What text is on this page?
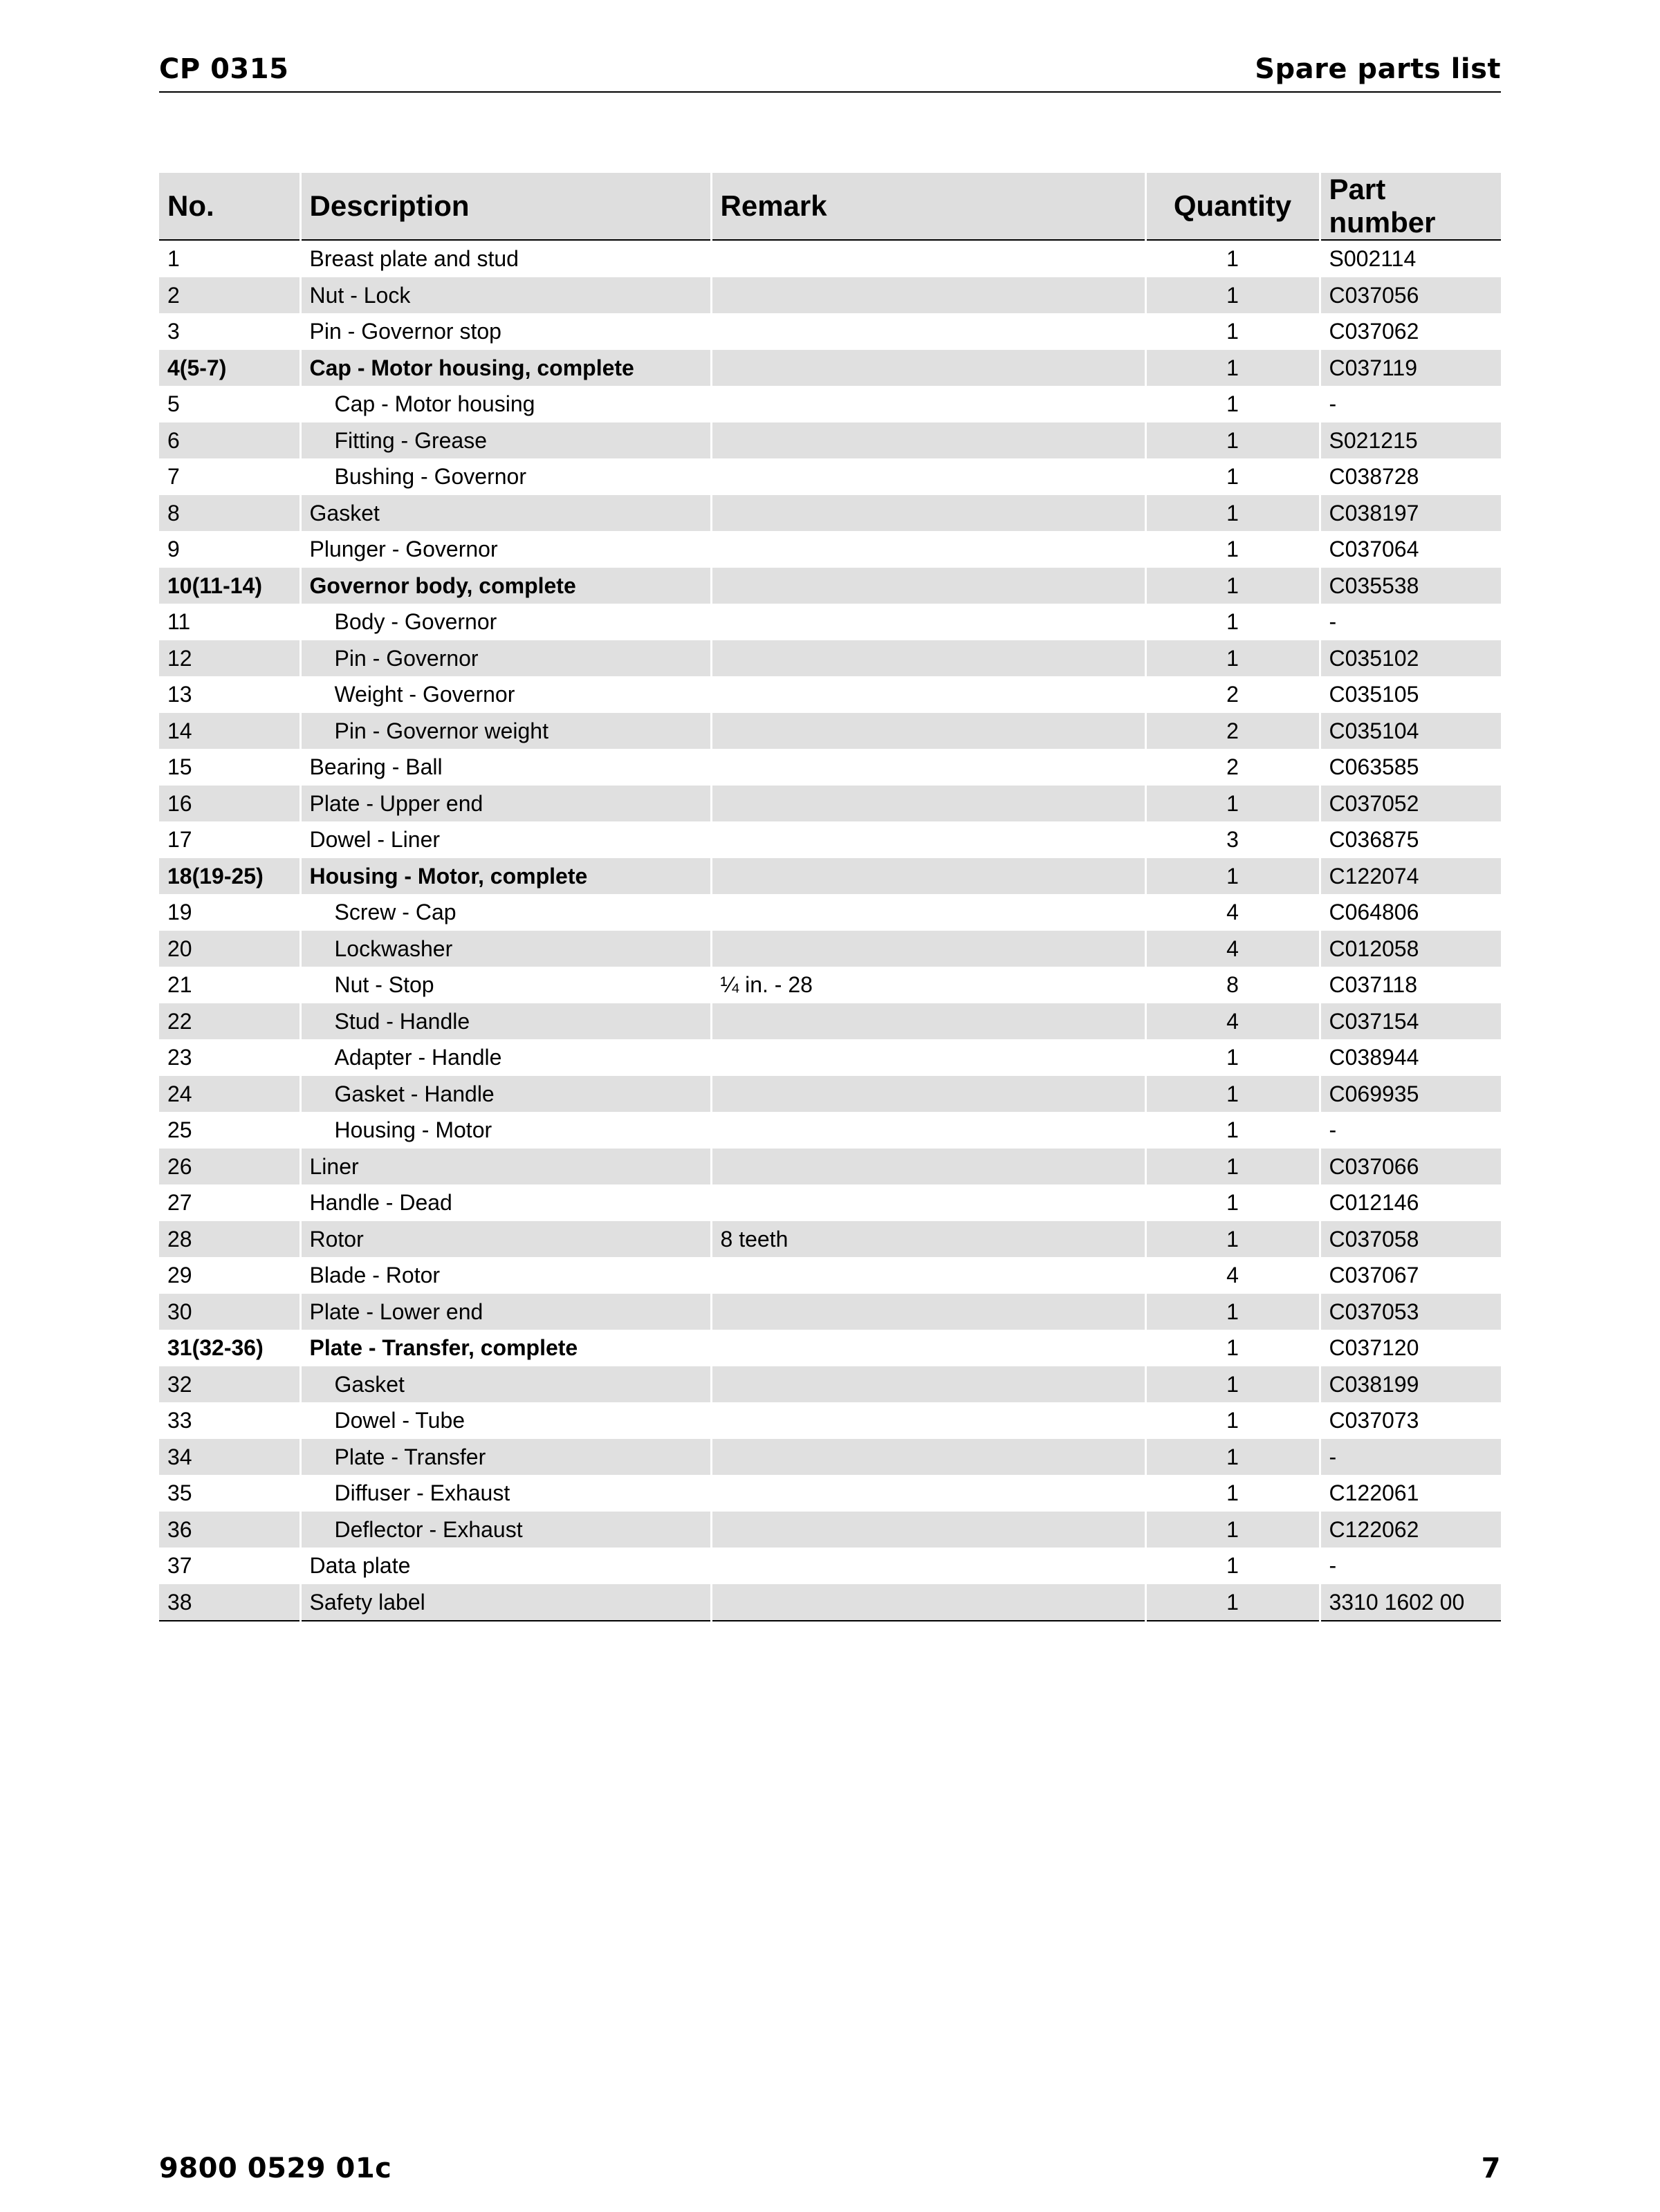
CP 0315	Spare parts list
No.	Description	Remark	Quantity	Part number
1	Breast plate and stud		1	S002114
2	Nut - Lock		1	C037056
3	Pin - Governor stop		1	C037062
4(5-7)	Cap - Motor housing, complete		1	C037119
5	Cap - Motor housing		1	-
6	Fitting - Grease		1	S021215
7	Bushing - Governor		1	C038728
8	Gasket		1	C038197
9	Plunger - Governor		1	C037064
10(11-14)	Governor body, complete		1	C035538
11	Body - Governor		1	-
12	Pin - Governor		1	C035102
13	Weight - Governor		2	C035105
14	Pin - Governor weight		2	C035104
15	Bearing - Ball		2	C063585
16	Plate - Upper end		1	C037052
17	Dowel - Liner		3	C036875
18(19-25)	Housing - Motor, complete		1	C122074
19	Screw - Cap		4	C064806
20	Lockwasher		4	C012058
21	Nut - Stop	¼ in. - 28	8	C037118
22	Stud - Handle		4	C037154
23	Adapter - Handle		1	C038944
24	Gasket - Handle		1	C069935
25	Housing - Motor		1	-
26	Liner		1	C037066
27	Handle - Dead		1	C012146
28	Rotor	8 teeth	1	C037058
29	Blade - Rotor		4	C037067
30	Plate - Lower end		1	C037053
31(32-36)	Plate - Transfer, complete		1	C037120
32	Gasket		1	C038199
33	Dowel - Tube		1	C037073
34	Plate - Transfer		1	-
35	Diffuser - Exhaust		1	C122061
36	Deflector - Exhaust		1	C122062
37	Data plate		1	-
38	Safety label		1	3310 1602 00
9800 0529 01c	7
